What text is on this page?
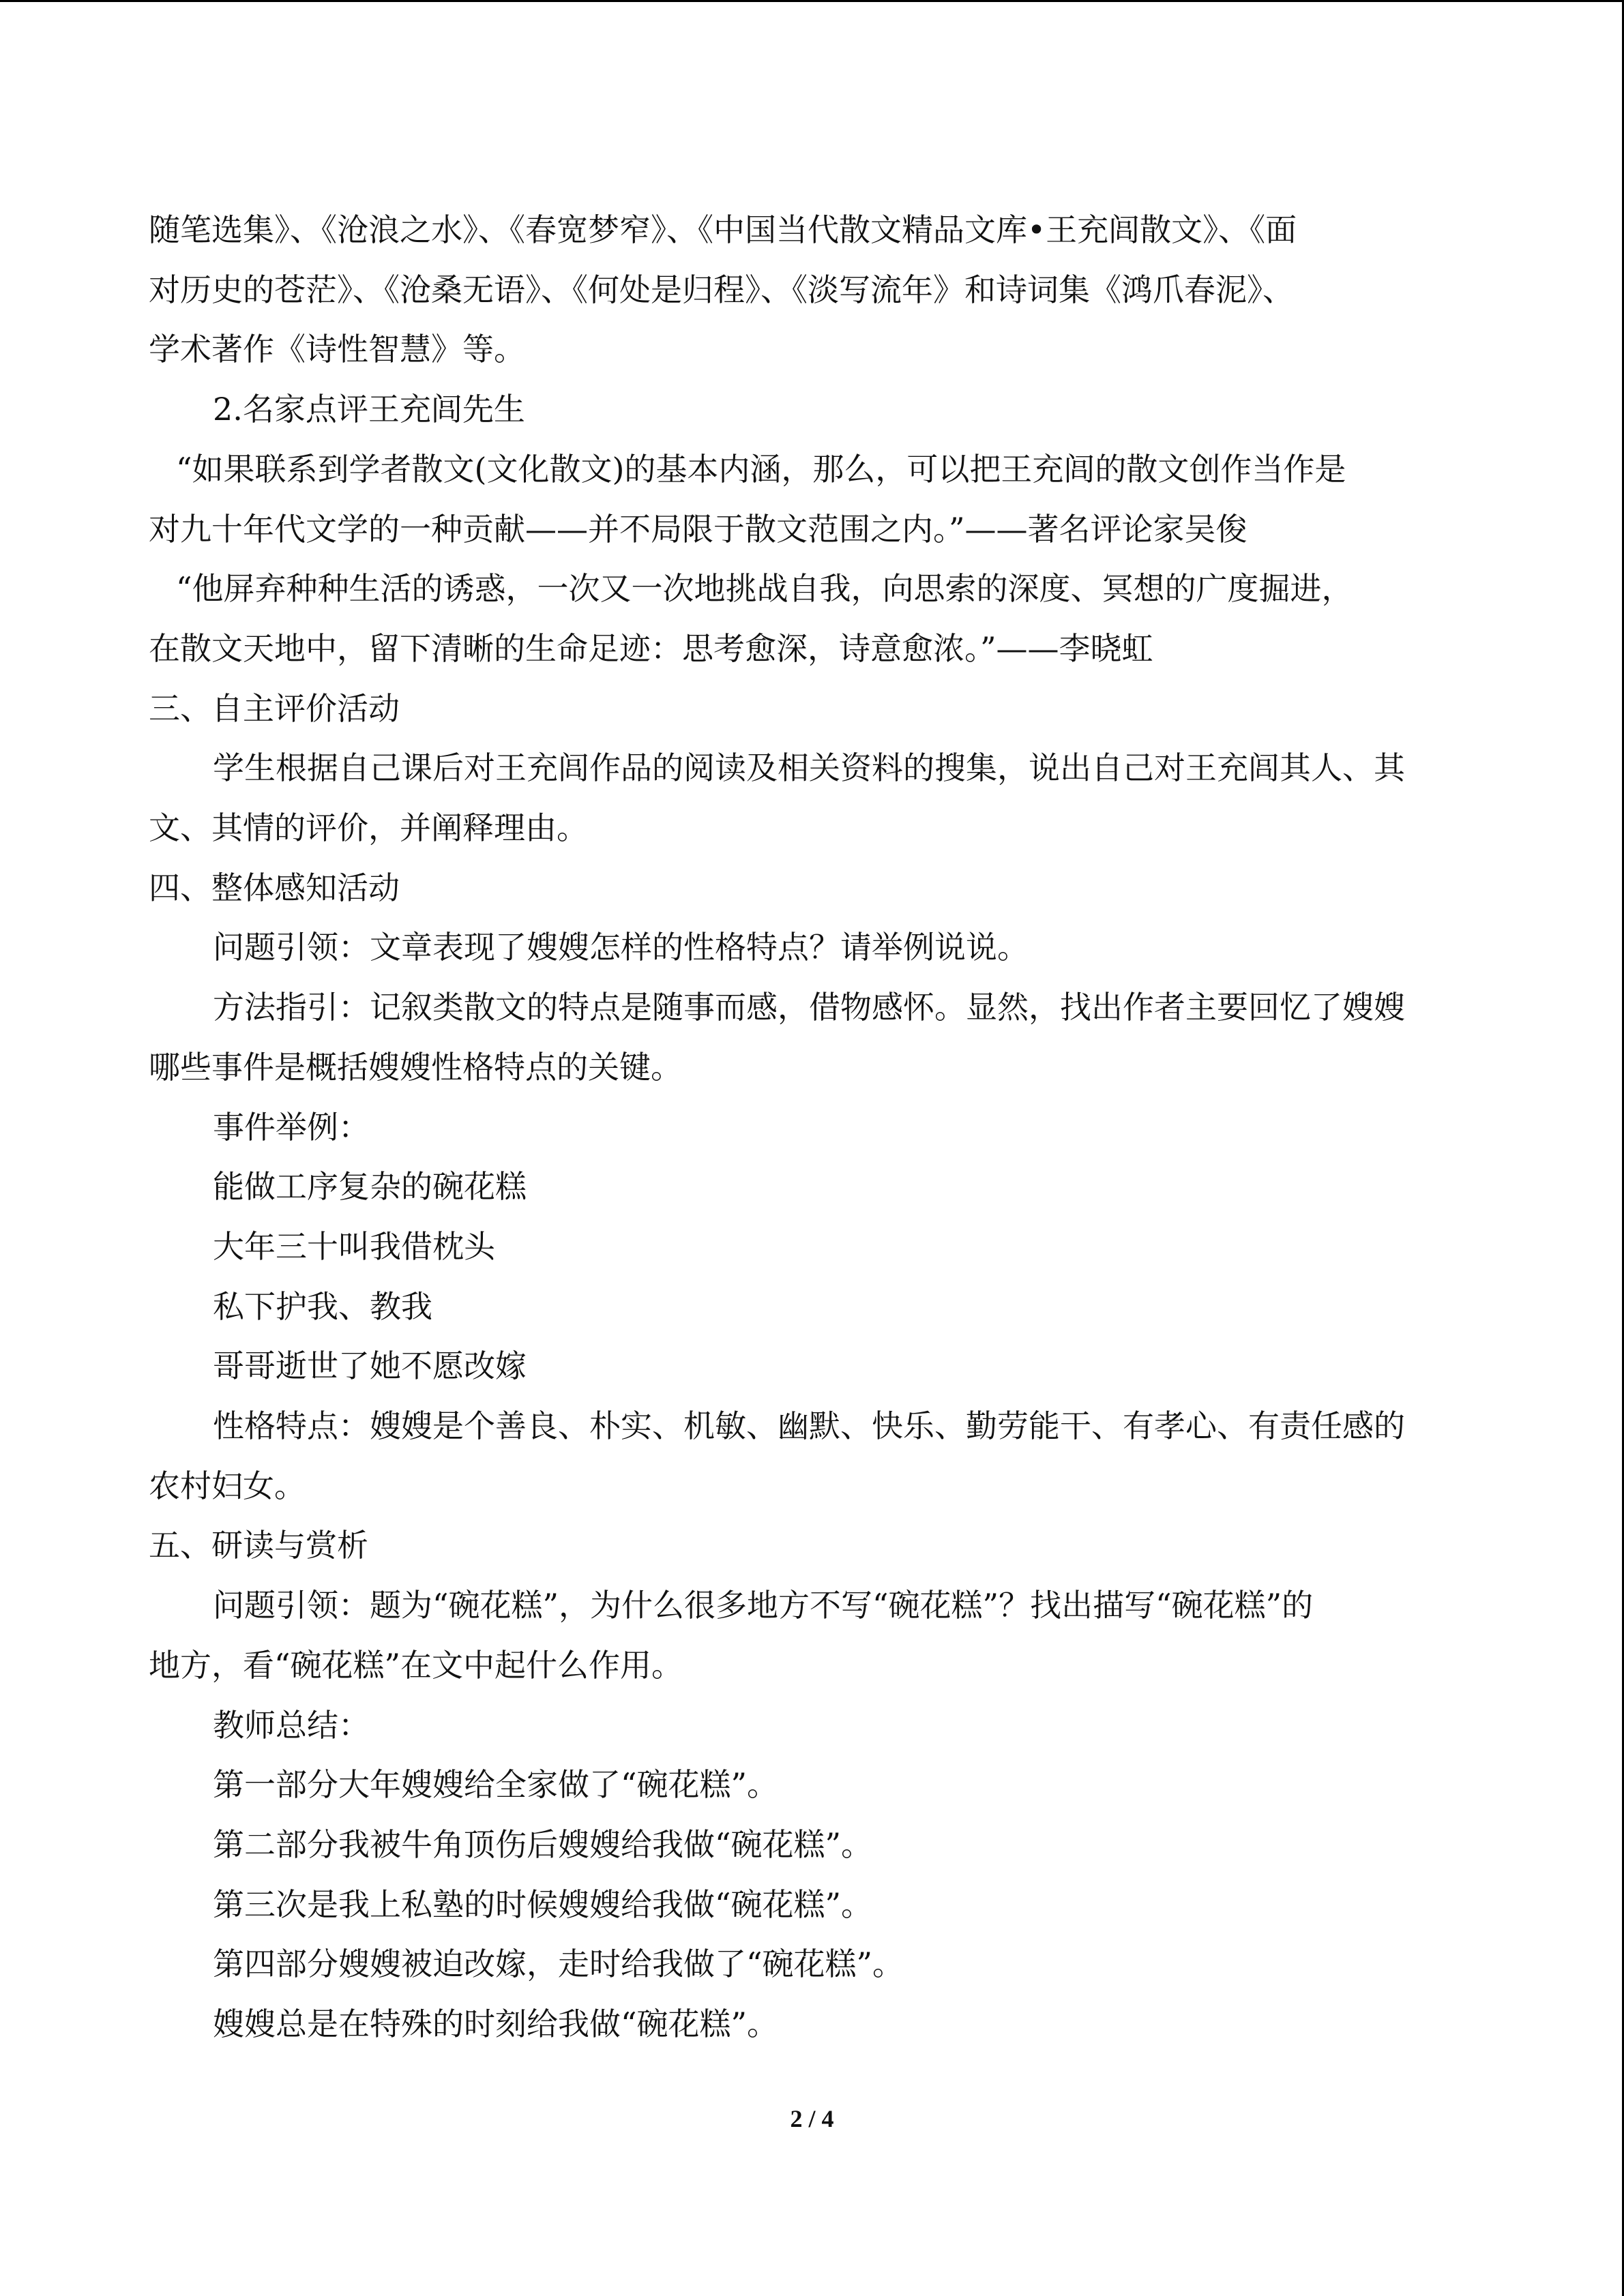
随笔选集》、《沧浪之水》、《春宽梦窄》、《中国当代散文精品文库•王充闾散文》、《面
对历史的苍茫》、《沧桑无语》、《何处是归程》、《淡写流年》和诗词集《鸿爪春泥》、
学术著作《诗性智慧》等。
2.名家点评王充闾先生
“如果联系到学者散文(文化散文)的基本内涵，那么，可以把王充闾的散文创作当作是
对九十年代文学的一种贡献——并不局限于散文范围之内。”——著名评论家吴俊
“他屏弃种种生活的诱惑，一次又一次地挑战自我，向思索的深度、冥想的广度掘进，
在散文天地中，留下清晰的生命足迹：思考愈深，诗意愈浓。”——李晓虹
三、自主评价活动
学生根据自己课后对王充闾作品的阅读及相关资料的搜集，说出自己对王充闾其人、其
文、其情的评价，并阐释理由。
四、整体感知活动
问题引领：文章表现了嫂嫂怎样的性格特点？请举例说说。
方法指引：记叙类散文的特点是随事而感，借物感怀。显然，找出作者主要回忆了嫂嫂
哪些事件是概括嫂嫂性格特点的关键。
事件举例：
能做工序复杂的碗花糕
大年三十叫我借枕头
私下护我、教我
哥哥逝世了她不愿改嫁
性格特点：嫂嫂是个善良、朴实、机敏、幽默、快乐、勤劳能干、有孝心、有责任感的
农村妇女。
五、研读与赏析
问题引领：题为“碗花糕”，为什么很多地方不写“碗花糕”？找出描写“碗花糕”的
地方，看“碗花糕”在文中起什么作用。
教师总结：
第一部分大年嫂嫂给全家做了“碗花糕”。
第二部分我被牛角顶伤后嫂嫂给我做“碗花糕”。
第三次是我上私塾的时候嫂嫂给我做“碗花糕”。
第四部分嫂嫂被迫改嫁，走时给我做了“碗花糕”。
嫂嫂总是在特殊的时刻给我做“碗花糕”。
2 / 4
